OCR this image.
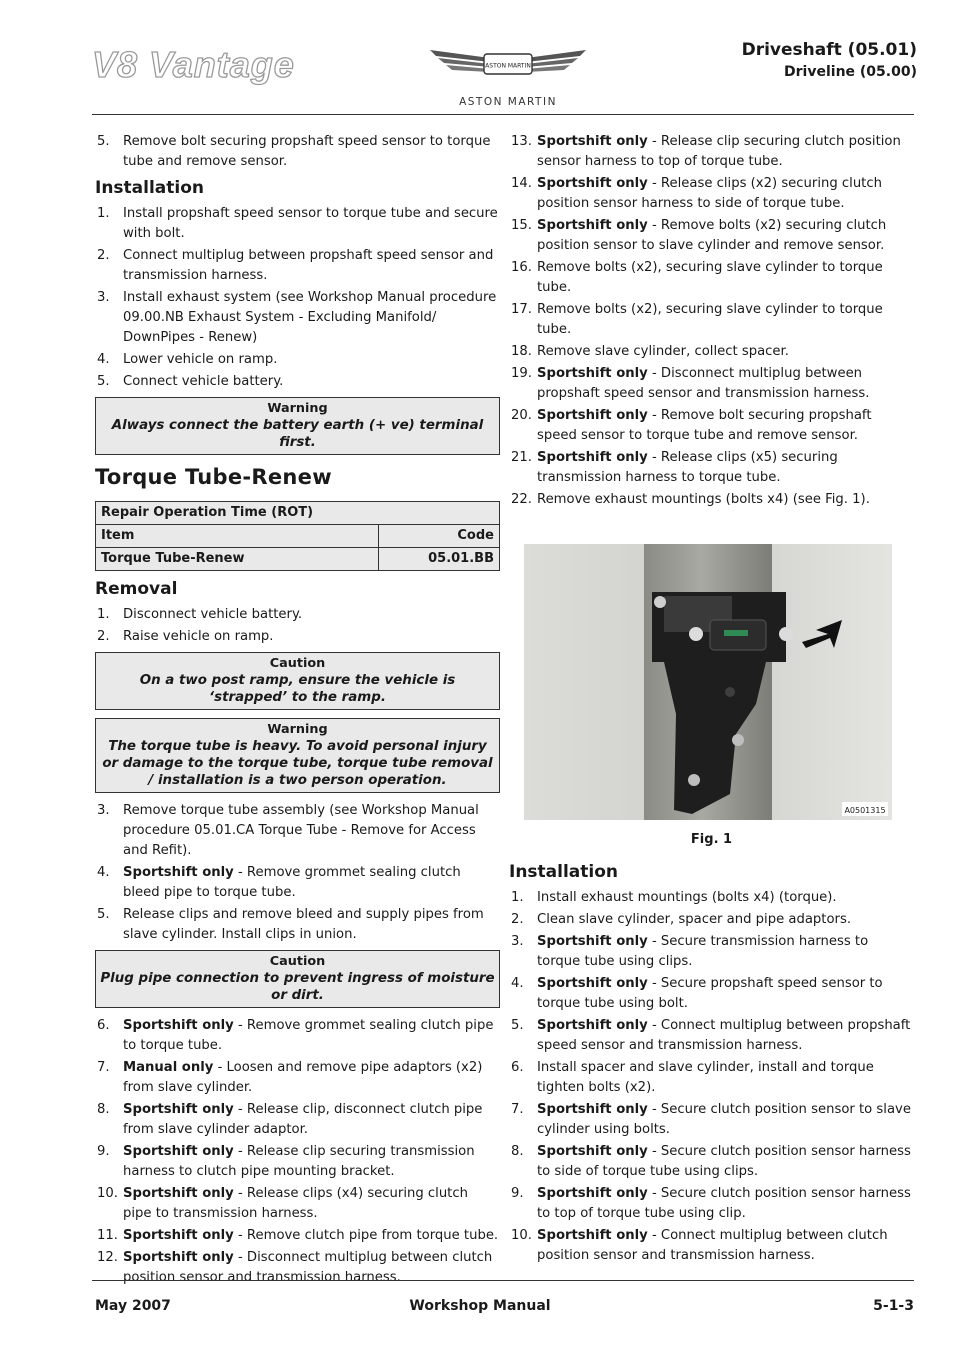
V8 Vantage	ASTON MARTIN
ASTON MARTIN
Driveshaft (05.01)
Driveline (05.00)
5. Remove bolt securing propshaft speed sensor to torque tube and remove sensor.
Installation
1. Install propshaft speed sensor to torque tube and secure with bolt.
2. Connect multiplug between propshaft speed sensor and transmission harness.
3. Install exhaust system (see Workshop Manual procedure 09.00.NB Exhaust System - Excluding Manifold/ DownPipes - Renew)
4. Lower vehicle on ramp.
5. Connect vehicle battery.
Warning
Always connect the battery earth (+ ve) terminal first.
Torque Tube-Renew
Repair Operation Time (ROT)	
Item	Code
Torque Tube-Renew	05.01.BB
Removal
1. Disconnect vehicle battery.
2. Raise vehicle on ramp.
Caution
On a two post ramp, ensure the vehicle is ‘strapped’ to the ramp.
Warning
The torque tube is heavy. To avoid personal injury or damage to the torque tube, torque tube removal / installation is a two person operation.
3. Remove torque tube assembly (see Workshop Manual procedure 05.01.CA Torque Tube - Remove for Access and Refit).
4. Sportshift only - Remove grommet sealing clutch bleed pipe to torque tube.
5. Release clips and remove bleed and supply pipes from slave cylinder. Install clips in union.
Caution
Plug pipe connection to prevent ingress of moisture or dirt.
6. Sportshift only - Remove grommet sealing clutch pipe to torque tube.
7. Manual only - Loosen and remove pipe adaptors (x2) from slave cylinder.
8. Sportshift only - Release clip, disconnect clutch pipe from slave cylinder adaptor.
9. Sportshift only - Release clip securing transmission harness to clutch pipe mounting bracket.
10. Sportshift only - Release clips (x4) securing clutch pipe to transmission harness.
11. Sportshift only - Remove clutch pipe from torque tube.
12. Sportshift only - Disconnect multiplug between clutch position sensor and transmission harness.
13. Sportshift only - Release clip securing clutch position sensor harness to top of torque tube.
14. Sportshift only - Release clips (x2) securing clutch position sensor harness to side of torque tube.
15. Sportshift only - Remove bolts (x2) securing clutch position sensor to slave cylinder and remove sensor.
16. Remove bolts (x2), securing slave cylinder to torque tube.
17. Remove bolts (x2), securing slave cylinder to torque tube.
18. Remove slave cylinder, collect spacer.
19. Sportshift only - Disconnect multiplug between propshaft speed sensor and transmission harness.
20. Sportshift only - Remove bolt securing propshaft speed sensor to torque tube and remove sensor.
21. Sportshift only - Release clips (x5) securing transmission harness to torque tube.
22. Remove exhaust mountings (bolts x4) (see Fig. 1).
A0501315
Fig. 1
Installation
1. Install exhaust mountings (bolts x4) (torque).
2. Clean slave cylinder, spacer and pipe adaptors.
3. Sportshift only - Secure transmission harness to torque tube using clips.
4. Sportshift only - Secure propshaft speed sensor to torque tube using bolt.
5. Sportshift only - Connect multiplug between propshaft speed sensor and transmission harness.
6. Install spacer and slave cylinder, install and torque tighten bolts (x2).
7. Sportshift only - Secure clutch position sensor to slave cylinder using bolts.
8. Sportshift only - Secure clutch position sensor harness to side of torque tube using clips.
9. Sportshift only - Secure clutch position sensor harness to top of torque tube using clip.
10. Sportshift only - Connect multiplug between clutch position sensor and transmission harness.
May 2007	Workshop Manual	5-1-3
